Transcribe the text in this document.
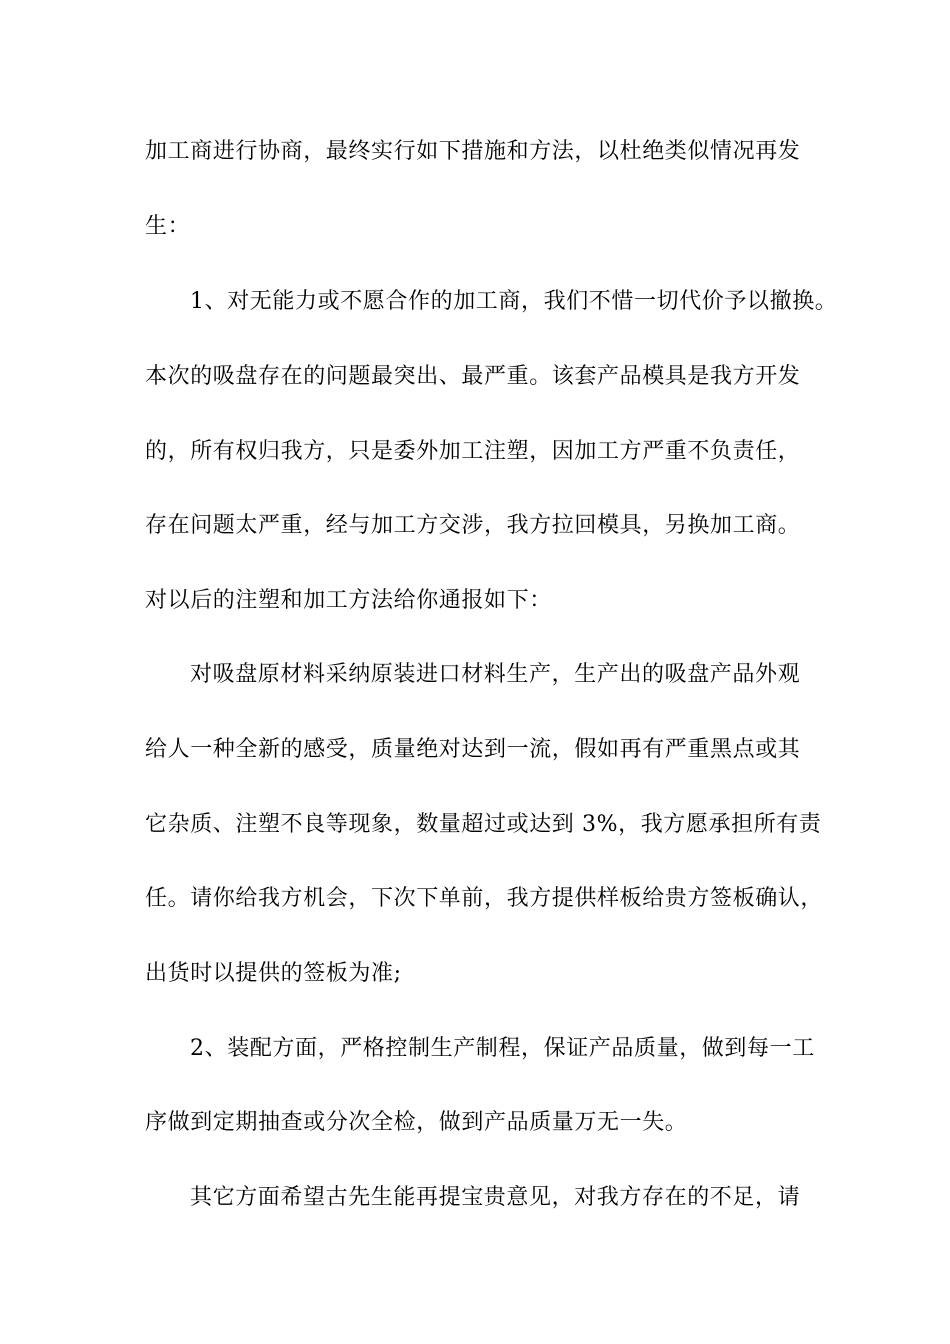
加工商进行协商，最终实行如下措施和方法，以杜绝类似情况再发
生：
1、对无能力或不愿合作的加工商，我们不惜一切代价予以撤换。
本次的吸盘存在的问题最突出、最严重。该套产品模具是我方开发
的，所有权归我方，只是委外加工注塑，因加工方严重不负责任，
存在问题太严重，经与加工方交涉，我方拉回模具，另换加工商。
对以后的注塑和加工方法给你通报如下：
对吸盘原材料采纳原装进口材料生产，生产出的吸盘产品外观
给人一种全新的感受，质量绝对达到一流，假如再有严重黑点或其
它杂质、注塑不良等现象，数量超过或达到 3%，我方愿承担所有责
任。请你给我方机会，下次下单前，我方提供样板给贵方签板确认，
出货时以提供的签板为准;
2、装配方面，严格控制生产制程，保证产品质量，做到每一工
序做到定期抽查或分次全检，做到产品质量万无一失。
其它方面希望古先生能再提宝贵意见，对我方存在的不足，请
